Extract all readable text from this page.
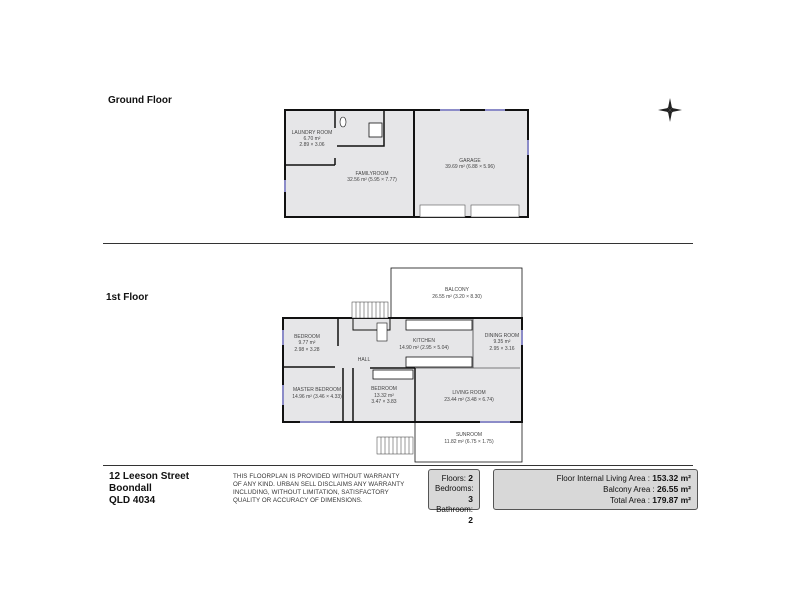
Ground Floor
1st Floor
LAUNDRY ROOM
6.70 m²
2.89 × 3.06
FAMILYROOM
32.56 m² (5.95 × 7.77)
GARAGE
39.69 m² (6.88 × 5.96)
BALCONY
26.55 m² (3.20 × 8.30)
BEDROOM
9.77 m²
2.98 × 3.28
KITCHEN
14.90 m² (2.95 × 5.04)
DINING ROOM
9.35 m²
2.95 × 3.16
HALL
MASTER BEDROOM
14.96 m² (3.46 × 4.33)
BEDROOM
13.32 m²
3.47 × 3.83
LIVING ROOM
23.44 m² (3.48 × 6.74)
SUNROOM
11.82 m² (6.75 × 1.75)
12 Leeson Street
Boondall
QLD 4034
THIS FLOORPLAN IS PROVIDED WITHOUT WARRANTY
OF ANY KIND. URBAN SELL DISCLAIMS ANY WARRANTY
INCLUDING, WITHOUT LIMITATION, SATISFACTORY
QUALITY OR ACCURACY OF DIMENSIONS.
Floors: 2
Bedrooms: 3
Bathroom: 2
Floor Internal Living Area : 153.32 m²
Balcony Area : 26.55 m²
Total Area : 179.87 m²
